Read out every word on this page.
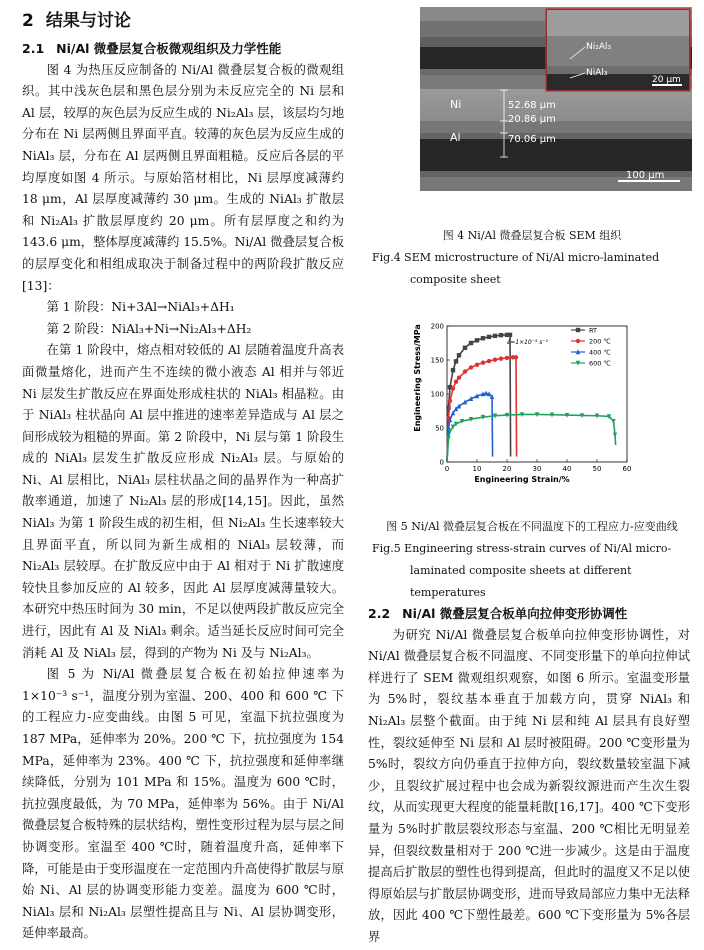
2 结果与讨论
2.1 Ni/Al 微叠层复合板微观组织及力学性能

图 4 为热压反应制备的 Ni/Al 微叠层复合板的微观组织。其中浅灰色层和黑色层分别为未反应完全的 Ni 层和 Al 层，较厚的灰色层为反应生成的 Ni₂Al₃ 层，该层均匀地分布在 Ni 层两侧且界面平直。较薄的灰色层为反应生成的 NiAl₃ 层，分布在 Al 层两侧且界面粗糙。反应后各层的平均厚度如图 4 所示。与原始箔材相比，Ni 层厚度减薄约 18 μm，Al 层厚度减薄约 30 μm。生成的 NiAl₃ 扩散层和 Ni₂Al₃ 扩散层厚度约 20 μm。所有层厚度之和约为 143.6 μm，整体厚度减薄约 15.5%。Ni/Al 微叠层复合板的层厚变化和相组成取决于制备过程中的两阶段扩散反应[13]：

第 1 阶段：Ni+3Al→NiAl₃+ΔH₁

第 2 阶段：NiAl₃+Ni→Ni₂Al₃+ΔH₂

在第 1 阶段中，熔点相对较低的 Al 层随着温度升高表面微量熔化，进而产生不连续的微小液态 Al 相并与邻近 Ni 层发生扩散反应在界面处形成柱状的 NiAl₃ 相晶粒。由于 NiAl₃ 柱状晶向 Al 层中推进的速率差异造成与 Al 层之间形成较为粗糙的界面。第 2 阶段中，Ni 层与第 1 阶段生成的 NiAl₃ 层发生扩散反应形成 Ni₂Al₃ 层。与原始的 Ni、Al 层相比，NiAl₃ 层柱状晶之间的晶界作为一种高扩散率通道，加速了 Ni₂Al₃ 层的形成[14,15]。因此，虽然 NiAl₃ 为第 1 阶段生成的初生相，但 Ni₂Al₃ 生长速率较大且界面平直，所以同为新生成相的 NiAl₃ 层较薄，而 Ni₂Al₃ 层较厚。在扩散反应中由于 Al 相对于 Ni 扩散速度较快且参加反应的 Al 较多，因此 Al 层厚度减薄量较大。本研究中热压时间为 30 min，不足以使两段扩散反应完全进行，因此有 Al 及 NiAl₃ 剩余。适当延长反应时间可完全消耗 Al 及 NiAl₃ 层，得到的产物为 Ni 及与 Ni₂Al₃。

图 5 为 Ni/Al 微叠层复合板在初始拉伸速率为 1×10⁻³ s⁻¹，温度分别为室温、200、400 和 600 ℃ 下的工程应力-应变曲线。由图 5 可见，室温下抗拉强度为 187 MPa，延伸率为 20%。200 ℃ 下，抗拉强度为 154 MPa，延伸率为 23%。400 ℃ 下，抗拉强度和延伸率继续降低，分别为 101 MPa 和 15%。温度为 600 ℃时，抗拉强度最低，为 70 MPa，延伸率为 56%。由于 Ni/Al 微叠层复合板特殊的层状结构，塑性变形过程为层与层之间协调变形。室温至 400 ℃时，随着温度升高，延伸率下降，可能是由于变形温度在一定范围内升高使得扩散层与原始 Ni、Al 层的协调变形能力变差。温度为 600 ℃时，NiAl₃ 层和 Ni₂Al₃ 层塑性提高且与 Ni、Al 层协调变形，延伸率最高。

Ni₂Al₃
NiAl₃
20 μm
Ni
Al
52.68 μm
20.86 μm
70.06 μm
100 μm
图 4 Ni/Al 微叠层复合板 SEM 组织
Fig.4 SEM microstructure of Ni/Al micro-laminated composite sheet
0	10	20	30	40	50	60
0
50
100
150
200	RT
200 ℃
400 ℃
600 ℃
Engineering Stress/MPa
Engineering Strain/%
ε̇=1×10⁻³ s⁻¹
图 5 Ni/Al 微叠层复合板在不同温度下的工程应力-应变曲线
Fig.5 Engineering stress-strain curves of Ni/Al micro-laminated composite sheets at different temperatures
2.2 Ni/Al 微叠层复合板单向拉伸变形协调性

为研究 Ni/Al 微叠层复合板单向拉伸变形协调性，对 Ni/Al 微叠层复合板不同温度、不同变形量下的单向拉伸试样进行了 SEM 微观组织观察，如图 6 所示。室温变形量为 5%时，裂纹基本垂直于加载方向，贯穿 NiAl₃ 和 Ni₂Al₃ 层整个截面。由于纯 Ni 层和纯 Al 层具有良好塑性，裂纹延伸至 Ni 层和 Al 层时被阻碍。200 ℃变形量为 5%时，裂纹方向仍垂直于拉伸方向，裂纹数量较室温下减少，且裂纹扩展过程中也会成为新裂纹源进而产生次生裂纹，从而实现更大程度的能量耗散[16,17]。400 ℃下变形量为 5%时扩散层裂纹形态与室温、200 ℃相比无明显差异，但裂纹数量相对于 200 ℃进一步减少。这是由于温度提高后扩散层的塑性也得到提高，但此时的温度又不足以使得原始层与扩散层协调变形，进而导致局部应力集中无法释放，因此 400 ℃下塑性最差。600 ℃下变形量为 5%各层界
